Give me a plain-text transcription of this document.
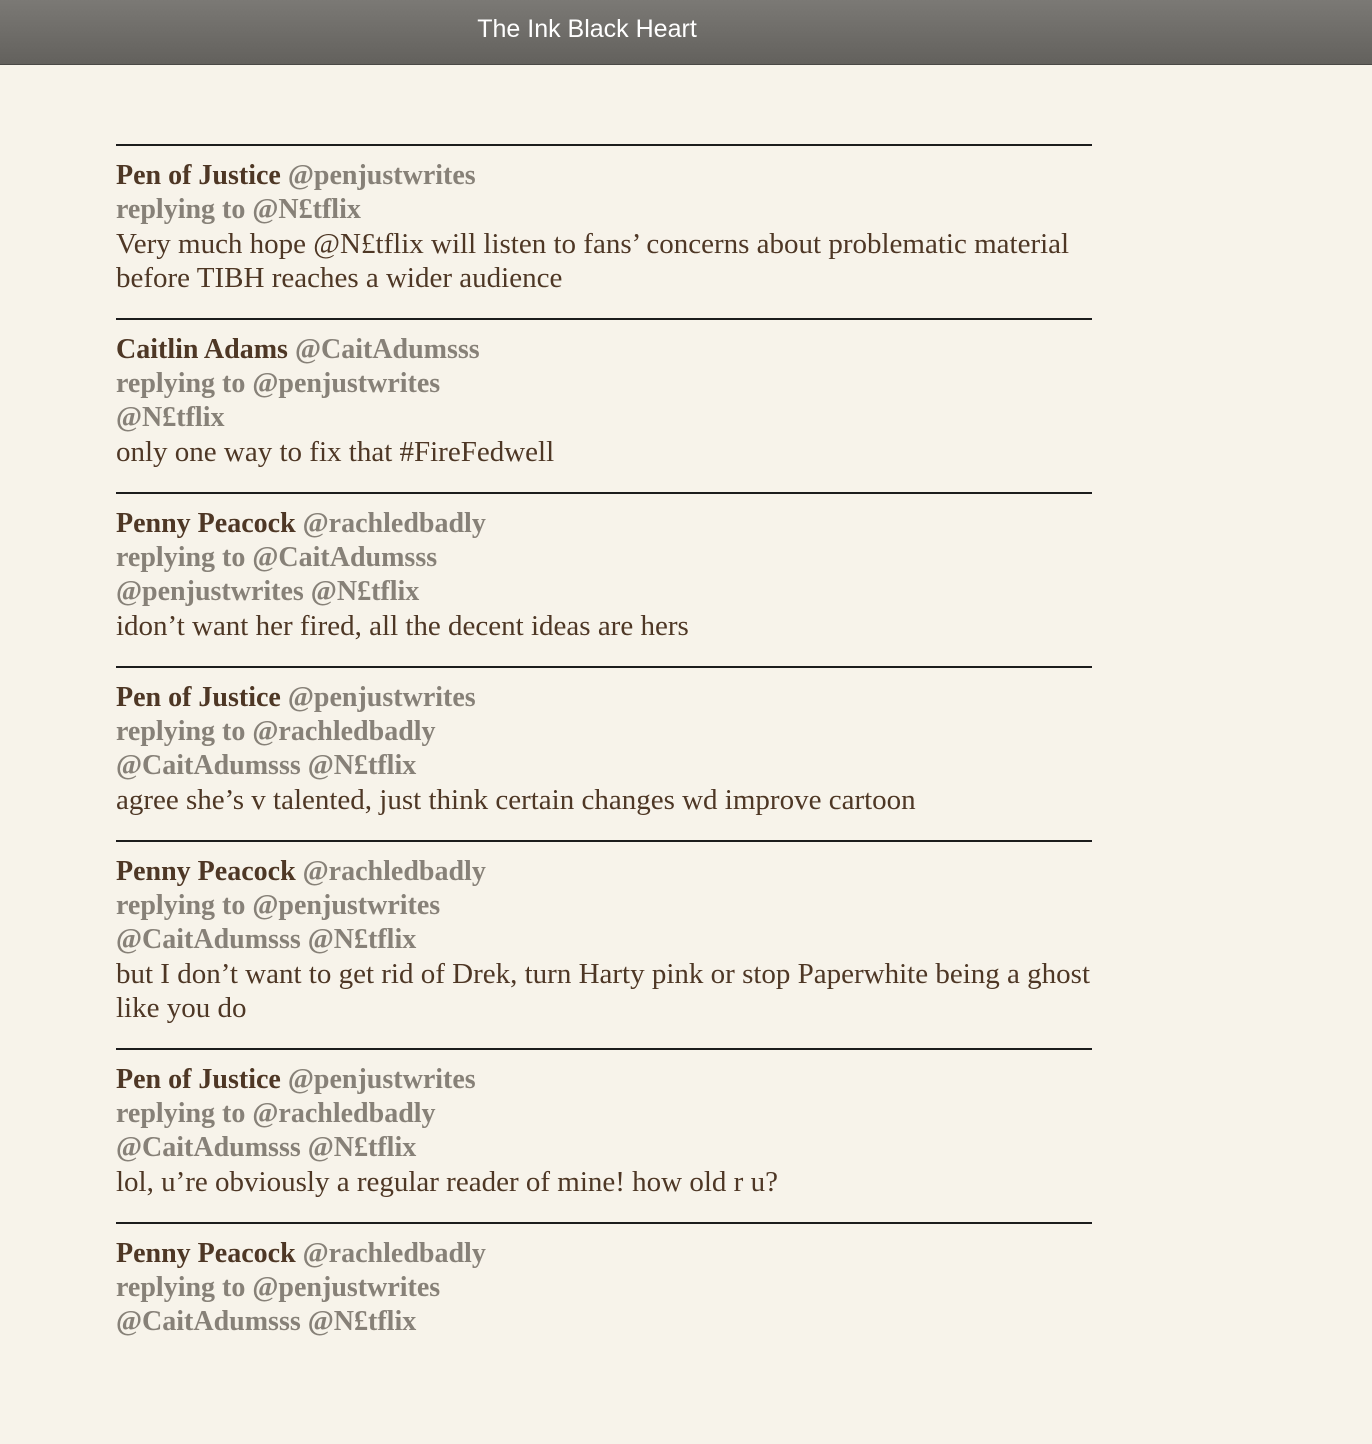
The Ink Black Heart
Pen of Justice @penjustwrites
replying to @N£tflix
Very much hope @N£tflix will listen to fans’ concerns about problematic material before TIBH reaches a wider audience
Caitlin Adams @CaitAdumsss
replying to @penjustwrites
@N£tflix
only one way to fix that #FireFedwell
Penny Peacock @rachledbadly
replying to @CaitAdumsss
@penjustwrites @N£tflix
idon’t want her fired, all the decent ideas are hers
Pen of Justice @penjustwrites
replying to @rachledbadly
@CaitAdumsss @N£tflix
agree she’s v talented, just think certain changes wd improve cartoon
Penny Peacock @rachledbadly
replying to @penjustwrites
@CaitAdumsss @N£tflix
but I don’t want to get rid of Drek, turn Harty pink or stop Paperwhite being a ghost like you do
Pen of Justice @penjustwrites
replying to @rachledbadly
@CaitAdumsss @N£tflix
lol, u’re obviously a regular reader of mine! how old r u?
Penny Peacock @rachledbadly
replying to @penjustwrites
@CaitAdumsss @N£tflix
